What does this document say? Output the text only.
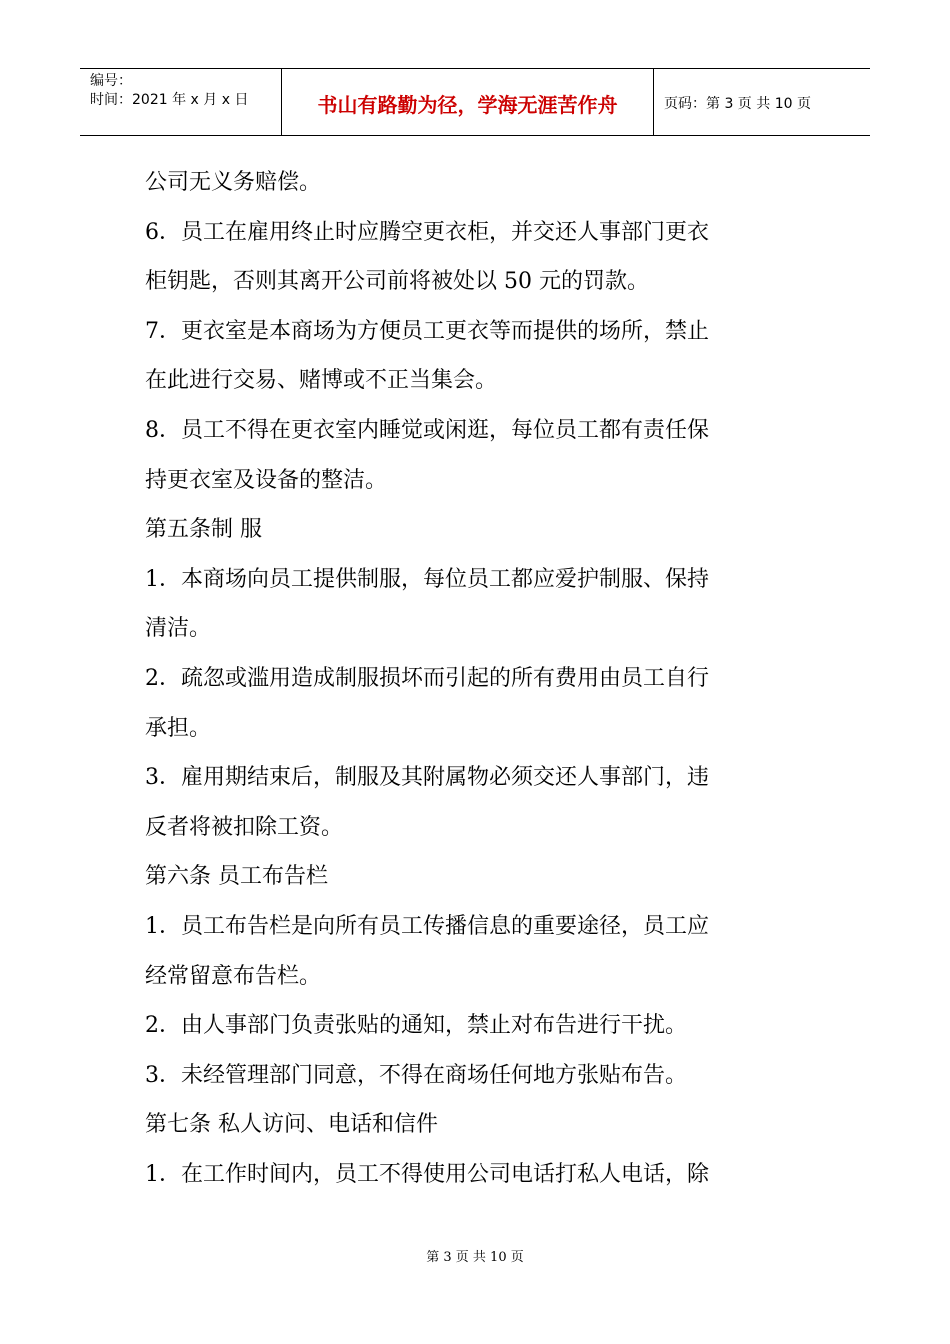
编号：
时间：2021 年 x 月 x 日	书山有路勤为径，学海无涯苦作舟	页码：第 3 页 共 10 页

公司无义务赔偿。

6．员工在雇用终止时应腾空更衣柜，并交还人事部门更衣

柜钥匙，否则其离开公司前将被处以 50 元的罚款。

7．更衣室是本商场为方便员工更衣等而提供的场所，禁止

在此进行交易、赌博或不正当集会。

8．员工不得在更衣室内睡觉或闲逛，每位员工都有责任保

持更衣室及设备的整洁。

第五条制 服

1．本商场向员工提供制服，每位员工都应爱护制服、保持

清洁。

2．疏忽或滥用造成制服损坏而引起的所有费用由员工自行

承担。

3．雇用期结束后，制服及其附属物必须交还人事部门，违

反者将被扣除工资。

第六条 员工布告栏

1．员工布告栏是向所有员工传播信息的重要途径，员工应

经常留意布告栏。

2．由人事部门负责张贴的通知，禁止对布告进行干扰。

3．未经管理部门同意，不得在商场任何地方张贴布告。

第七条 私人访问、电话和信件

1．在工作时间内，员工不得使用公司电话打私人电话，除

第 3 页 共 10 页
